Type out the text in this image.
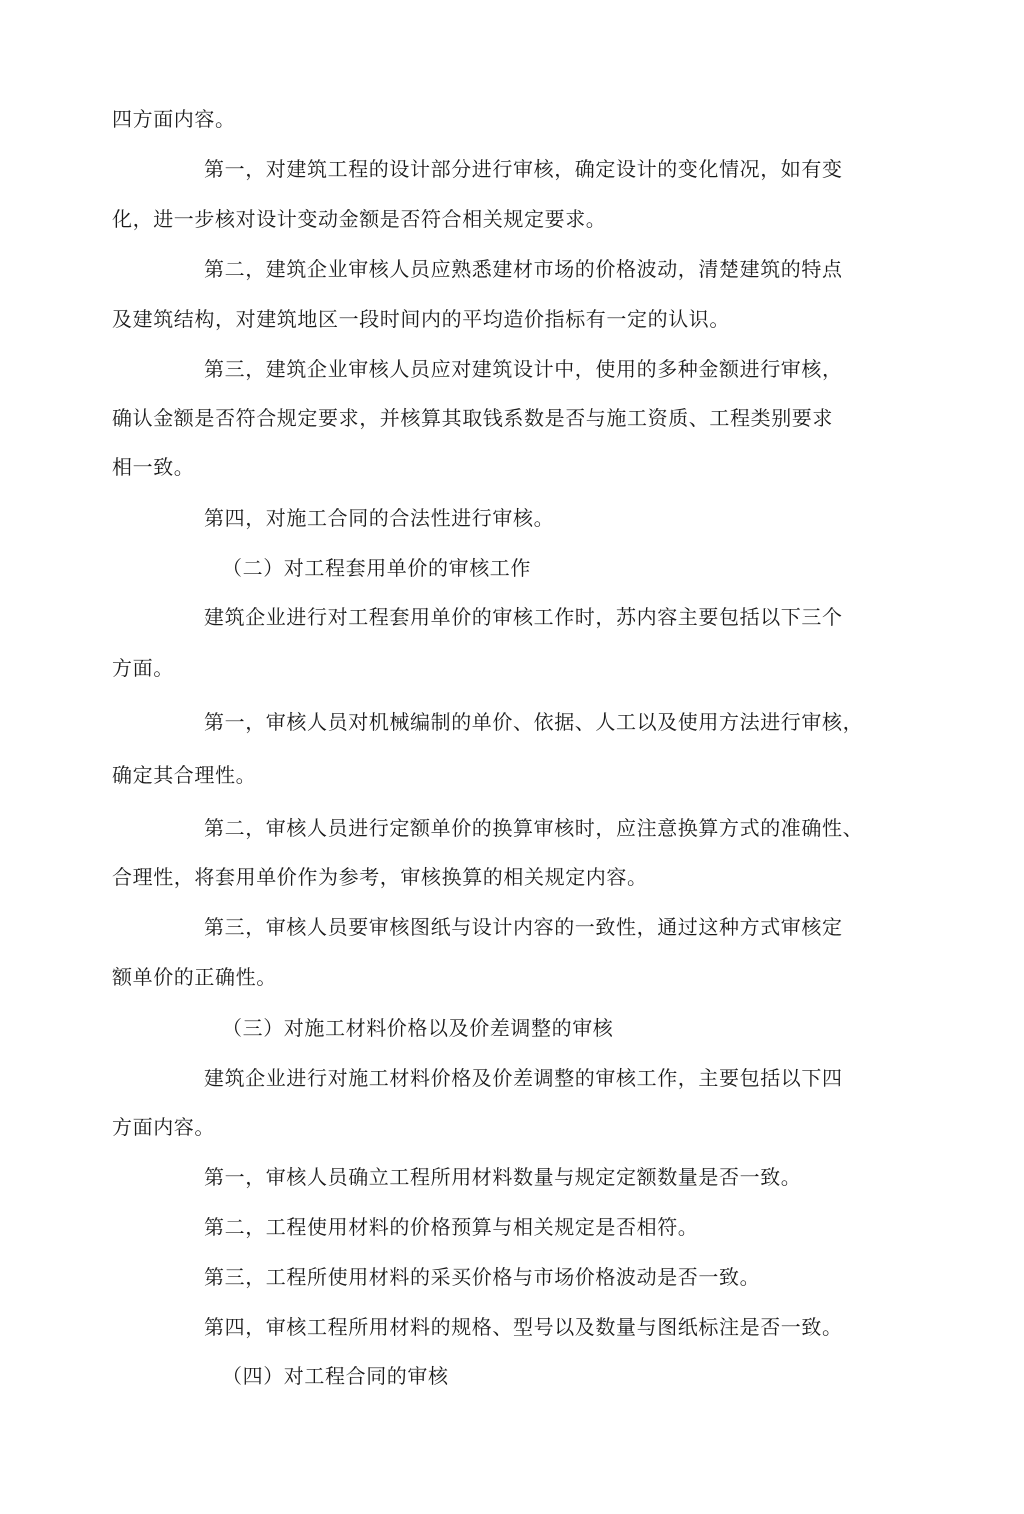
四方面内容。
第一，对建筑工程的设计部分进行审核，确定设计的变化情况，如有变
化，进一步核对设计变动金额是否符合相关规定要求。
第二，建筑企业审核人员应熟悉建材市场的价格波动，清楚建筑的特点
及建筑结构，对建筑地区一段时间内的平均造价指标有一定的认识。
第三，建筑企业审核人员应对建筑设计中，使用的多种金额进行审核，
确认金额是否符合规定要求，并核算其取钱系数是否与施工资质、工程类别要求
相一致。
第四，对施工合同的合法性进行审核。
（二）对工程套用单价的审核工作
建筑企业进行对工程套用单价的审核工作时，苏内容主要包括以下三个
方面。
第一，审核人员对机械编制的单价、依据、人工以及使用方法进行审核，
确定其合理性。
第二，审核人员进行定额单价的换算审核时，应注意换算方式的准确性、
合理性，将套用单价作为参考，审核换算的相关规定内容。
第三，审核人员要审核图纸与设计内容的一致性，通过这种方式审核定
额单价的正确性。
（三）对施工材料价格以及价差调整的审核
建筑企业进行对施工材料价格及价差调整的审核工作，主要包括以下四
方面内容。
第一，审核人员确立工程所用材料数量与规定定额数量是否一致。
第二，工程使用材料的价格预算与相关规定是否相符。
第三，工程所使用材料的采买价格与市场价格波动是否一致。
第四，审核工程所用材料的规格、型号以及数量与图纸标注是否一致。
（四）对工程合同的审核
